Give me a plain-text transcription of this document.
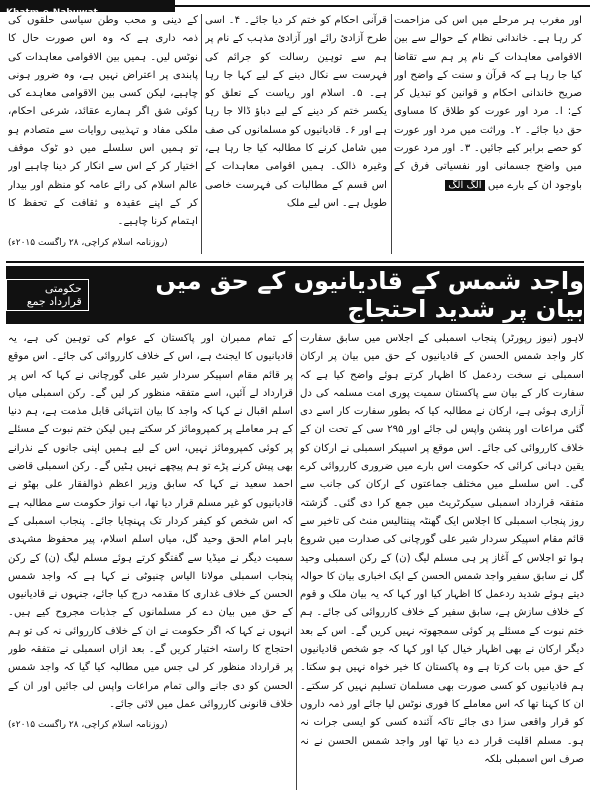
Khatm-e-Nabuwat

اور مغرب ہر مرحلے میں اس کی مزاحمت کر رہا ہے۔ خاندانی نظام کے حوالے سے بین الاقوامی معاہدات کے نام پر ہم سے تقاضا کیا جا رہا ہے کہ قرآن و سنت کے واضح اور صریح خاندانی احکام و قوانین کو تبدیل کر کے: ا۔ مرد اور عورت کو طلاق کا مساوی حق دیا جائے۔ ۲۔ وراثت میں مرد اور عورت کو حصے برابر کیے جائیں۔ ۳۔ اور مرد عورت میں واضح جسمانی اور نفسیاتی فرق کے باوجود ان کے بارے میں الگ الگ

قرآنی احکام کو ختم کر دیا جائے۔ ۴۔ اسی طرح آزادیٔ رائے اور آزادیٔ مذہب کے نام پر ہم سے توہین رسالت کو جرائم کی فہرست سے نکال دینے کے لیے کہا جا رہا ہے۔ ۵۔ اسلام اور ریاست کے تعلق کو یکسر ختم کر دینے کے لیے دباؤ ڈالا جا رہا ہے اور ۶۔ قادیانیوں کو مسلمانوں کی صف میں شامل کرنے کا مطالبہ کیا جا رہا ہے، وغیرہ ذالک۔ ہمیں اقوامی معاہدات کے اس قسم کے مطالبات کی فہرست خاصی طویل ہے۔ اس لیے ملک

کے دینی و محب وطن سیاسی حلقوں کی ذمہ داری ہے کہ وہ اس صورت حال کا نوٹس لیں۔ ہمیں بین الاقوامی معاہدات کی پابندی پر اعتراض نہیں ہے، وہ ضرور ہونی چاہیے، لیکن کسی بین الاقوامی معاہدے کی کوئی شق اگر ہمارے عقائد، شرعی احکام، ملکی مفاد و تہذیبی روایات سے متصادم ہو تو ہمیں اس سلسلے میں دو ٹوک موقف اختیار کر کے اس سے انکار کر دینا چاہیے اور عالم اسلام کی رائے عامہ کو منظم اور بیدار کر کے اپنے عقیدہ و ثقافت کے تحفظ کا اہتمام کرنا چاہیے۔

(روزنامہ اسلام کراچی، ۲۸ راگست ۲۰۱۵ء)
واجد شمس کے قادیانیوں کے حق میں بیان پر شدید احتجاج
حکومتی قرارداد جمع

لاہور (نیوز رپورٹر) پنجاب اسمبلی کے اجلاس میں سابق سفارت کار واجد شمس الحسن کے قادیانیوں کے حق میں بیان پر ارکان اسمبلی نے سخت ردعمل کا اظہار کرتے ہوئے واضح کیا ہے کہ سفارت کار کے بیان سے پاکستان سمیت پوری امت مسلمہ کی دل آزاری ہوئی ہے، ارکان نے مطالبہ کیا کہ بطور سفارت کار اسے دی گئی مراعات اور پنشن واپس لی جائے اور ۲۹۵ سی کے تحت ان کے خلاف کارروائی کی جائے۔ اس موقع پر اسپیکر اسمبلی نے ارکان کو یقین دہانی کرائی کہ حکومت اس بارے میں ضروری کارروائی کرے گی۔ اس سلسلے میں مختلف جماعتوں کے ارکان کی جانب سے متفقہ قرارداد اسمبلی سیکرٹریٹ میں جمع کرا دی گئی۔ گزشتہ روز پنجاب اسمبلی کا اجلاس ایک گھنٹہ پینتالیس منٹ کی تاخیر سے قائم مقام اسپیکر سردار شیر علی گورچانی کی صدارت میں شروع ہوا تو اجلاس کے آغاز پر ہی مسلم لیگ (ن) کے رکن اسمبلی وحید گل نے سابق سفیر واجد شمس الحسن کے ایک اخباری بیان کا حوالہ دیتے ہوئے شدید ردعمل کا اظہار کیا اور کہا کہ یہ بیان ملک و قوم کے خلاف سازش ہے، سابق سفیر کے خلاف کارروائی کی جائے۔ ہم ختم نبوت کے مسئلے پر کوئی سمجھوتہ نہیں کریں گے۔ اس کے بعد دیگر ارکان نے بھی اظہار خیال کیا اور کہا کہ جو شخص قادیانیوں کے حق میں بات کرتا ہے وہ پاکستان کا خیر خواہ نہیں ہو سکتا۔ ہم قادیانیوں کو کسی صورت بھی مسلمان تسلیم نہیں کر سکتے۔ ان کا کہنا تھا کہ اس معاملے کا فوری نوٹس لیا جائے اور ذمہ داروں کو قرار واقعی سزا دی جائے تاکہ آئندہ کسی کو ایسی جرات نہ ہو۔ مسلم اقلیت قرار دے دیا تھا اور واجد شمس الحسن نے نہ صرف اس اسمبلی بلکہ

کے تمام ممبران اور پاکستان کے عوام کی توہین کی ہے، یہ قادیانیوں کا ایجنٹ ہے، اس کے خلاف کارروائی کی جائے۔ اس موقع پر قائم مقام اسپیکر سردار شیر علی گورچانی نے کہا کہ اس پر قرارداد لے آئیں، اسے متفقہ منظور کر لیں گے۔ رکن اسمبلی میاں اسلم اقبال نے کہا کہ واجد کا بیان انتہائی قابل مذمت ہے، ہم دنیا کے ہر معاملے پر کمپرومائز کر سکتے ہیں لیکن ختم نبوت کے مسئلے پر کوئی کمپرومائز نہیں، اس کے لیے ہمیں اپنی جانوں کے نذرانے بھی پیش کرنے پڑے تو ہم پیچھے نہیں ہٹیں گے۔ رکن اسمبلی قاضی احمد سعید نے کہا کہ سابق وزیر اعظم ذوالفقار علی بھٹو نے قادیانیوں کو غیر مسلم قرار دیا تھا، اب نواز حکومت سے مطالبہ ہے کہ اس شخص کو کیفر کردار تک پہنچایا جائے۔ پنجاب اسمبلی کے باہر امام الحق وحید گل، میاں اسلم اسلام، پیر محفوظ مشہدی سمیت دیگر نے میڈیا سے گفتگو کرتے ہوئے مسلم لیگ (ن) کے رکن پنجاب اسمبلی مولانا الیاس چنیوٹی نے کہا ہے کہ واجد شمس الحسن کے خلاف غداری کا مقدمہ درج کیا جائے، جنہوں نے قادیانیوں کے حق میں بیان دے کر مسلمانوں کے جذبات مجروح کیے ہیں۔ انہوں نے کہا کہ اگر حکومت نے ان کے خلاف کارروائی نہ کی تو ہم احتجاج کا راستہ اختیار کریں گے۔ بعد ازاں اسمبلی نے متفقہ طور پر قرارداد منظور کر لی جس میں مطالبہ کیا گیا کہ واجد شمس الحسن کو دی جانے والی تمام مراعات واپس لی جائیں اور ان کے خلاف قانونی کارروائی عمل میں لائی جائے۔

(روزنامہ اسلام کراچی، ۲۸ راگست ۲۰۱۵ء)
